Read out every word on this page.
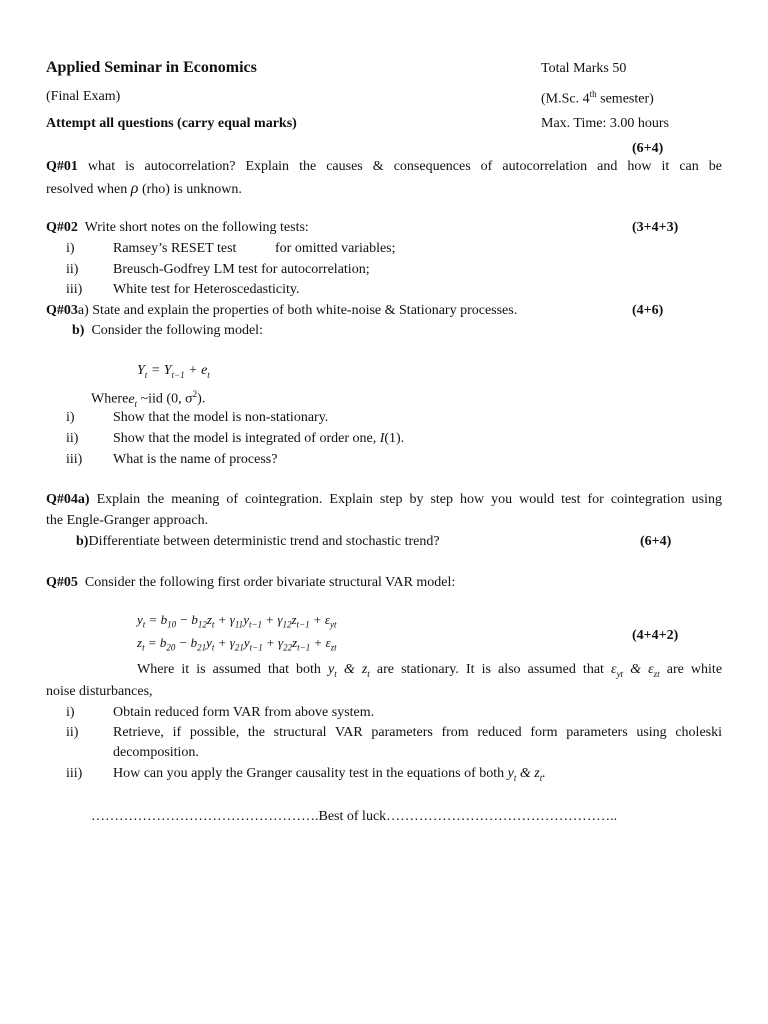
Applied Seminar in Economics	Total Marks 50
(Final Exam)	(M.Sc. 4th semester)
Attempt all questions (carry equal marks)	Max. Time: 3.00 hours
(6+4)
Q#01 what is autocorrelation? Explain the causes & consequences of autocorrelation and how it can be
resolved when ρ (rho) is unknown.
Q#02 Write short notes on the following tests:	(3+4+3)
i)	Ramsey’s RESET test	for omitted variables;
ii) Breusch-Godfrey LM test for autocorrelation;
iii) White test for Heteroscedasticity.
Q#03a) State and explain the properties of both white-noise & Stationary processes.	(4+6)
b) Consider the following model:
$Y_t = Y_{t-1} + e_t$
Wheree$_t$ ~iid (0, $\sigma^2$).
i)	Show that the model is non-stationary.
ii) Show that the model is integrated of order one, I(1).
iii) What is the name of process?
Q#04a) Explain the meaning of cointegration. Explain step by step how you would test for cointegration using
the Engle-Granger approach.
b)Differentiate between deterministic trend and stochastic trend?	(6+4)
Q#05 Consider the following first order bivariate structural VAR model:
$y_t = b_{10} - b_{12}z_t + \gamma_{11}y_{t-1} + \gamma_{12}z_{t-1} + \varepsilon_{yt}$
$z_t = b_{20} - b_{21}y_t + \gamma_{21}y_{t-1} + \gamma_{22}z_{t-1} + \varepsilon_{zt}$
(4+4+2)
Where it is assumed that both $y_t$ & $z_t$ are stationary. It is also assumed that $\varepsilon_{yt}$ & $\varepsilon_{zt}$ are white
noise disturbances,
i)	Obtain reduced form VAR from above system.
ii) Retrieve, if possible, the structural VAR parameters from reduced form parameters using choleski
decomposition.
iii) How can you apply the Granger causality test in the equations of both $y_t$ & $z_t$.
………………………………………….Best of luck…………………………………………..
